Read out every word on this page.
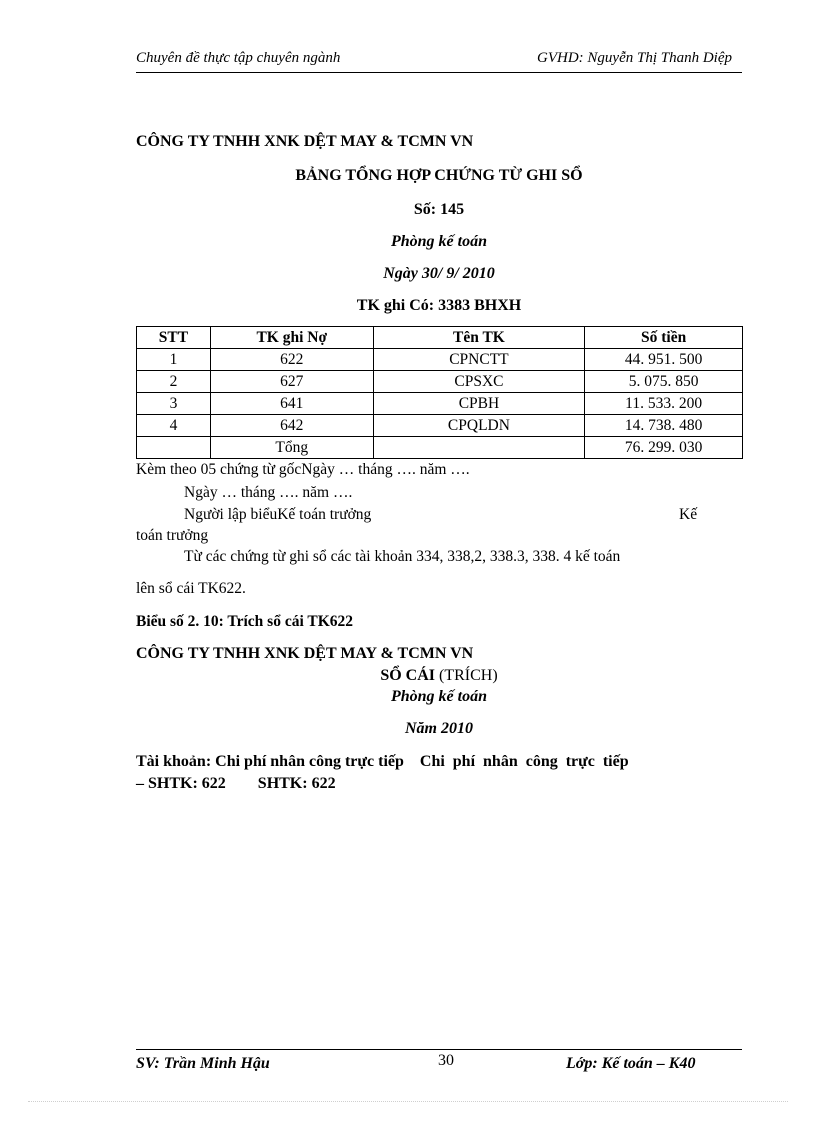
Chuyên đề thực tập chuyên ngành	GVHD: Nguyễn Thị Thanh Diệp
CÔNG TY TNHH XNK DỆT MAY & TCMN VN
BẢNG TỔNG HỢP CHỨNG TỪ GHI SỔ
Số: 145
Phòng kế toán
Ngày 30/ 9/ 2010
TK ghi Có: 3383 BHXH
STT	TK ghi Nợ	Tên TK	Số tiền
1	622	CPNCTT	44. 951. 500
2	627	CPSXC	5. 075. 850
3	641	CPBH	11. 533. 200
4	642	CPQLDN	14. 738. 480
	Tổng		76. 299. 030
Kèm theo 05 chứng từ gốcNgày … tháng …. năm ….
Ngày … tháng …. năm ….
Người lập biểuKế toán trưởng	Kế
toán trưởng
Từ các chứng từ ghi sổ các tài khoản 334, 338,2, 338.3, 338. 4 kế toán
lên sổ cái TK622.
Biểu số 2. 10: Trích sổ cái TK622
CÔNG TY TNHH XNK DỆT MAY & TCMN VN
SỔ CÁI (TRÍCH)
Phòng kế toán
Năm 2010
Tài khoản: Chi phí nhân công trực tiếp    Chi  phí  nhân  công  trực  tiếp
– SHTK: 622        SHTK: 622
SV: Trần Minh Hậu	30	Lớp: Kế toán – K40
